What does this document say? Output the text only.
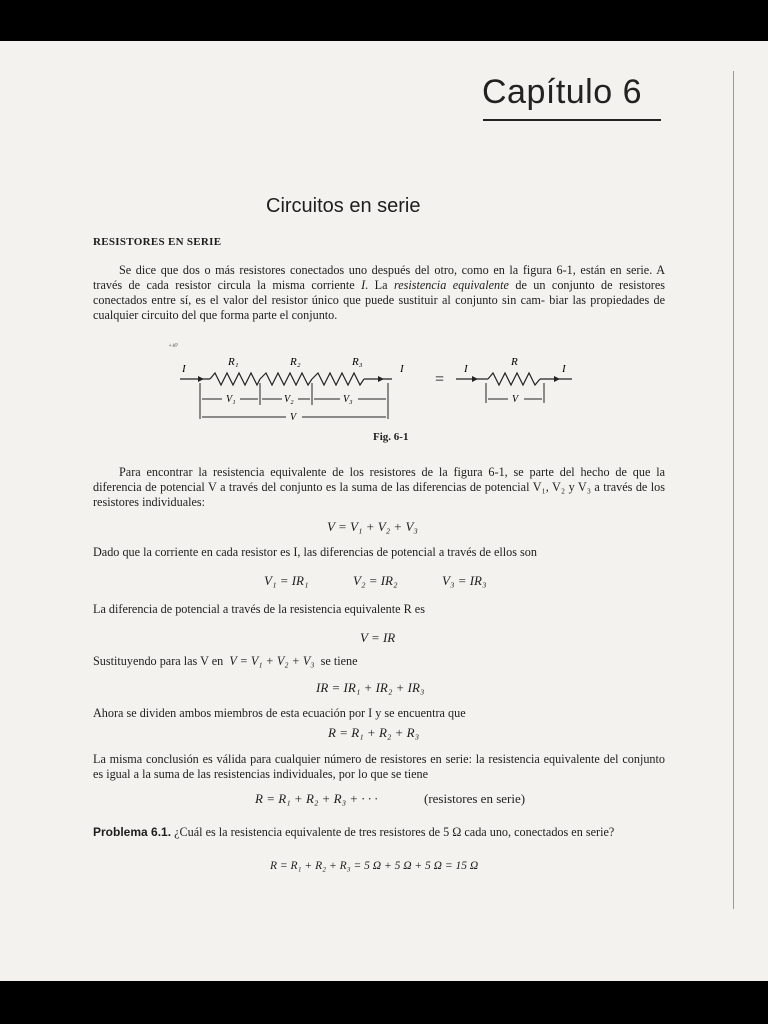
Capítulo 6
Circuitos en serie
RESISTORES EN SERIE
Se dice que dos o más resistores conectados uno después del otro, como en la figura 6-1, están en serie. A través de cada resistor circula la misma corriente I. La resistencia equivalente de un conjunto de resistores conectados entre sí, es el valor del resistor único que puede sustituir al conjunto sin cam- biar las propiedades de cualquier circuito del que forma parte el conjunto.
⁺ᵏ⁰
I
R₁	R₂	R₃
I
V₁	V₂	V₃
V
=
I
R
I
V
Fig. 6-1
Para encontrar la resistencia equivalente de los resistores de la figura 6-1, se parte del hecho de que la diferencia de potencial V a través del conjunto es la suma de las diferencias de potencial V₁, V₂ y V₃ a través de los resistores individuales:
V = V₁ + V₂ + V₃
Dado que la corriente en cada resistor es I, las diferencias de potencial a través de ellos son
V₁ = IR₁	V₂ = IR₂	V₃ = IR₃
La diferencia de potencial a través de la resistencia equivalente R es
V = IR
Sustituyendo para las V en V = V₁ + V₂ + V₃ se tiene
IR = IR₁ + IR₂ + IR₃
Ahora se dividen ambos miembros de esta ecuación por I y se encuentra que
R = R₁ + R₂ + R₃
La misma conclusión es válida para cualquier número de resistores en serie: la resistencia equivalente del conjunto es igual a la suma de las resistencias individuales, por lo que se tiene
R = R₁ + R₂ + R₃ + · · ·	(resistores en serie)
Problema 6.1. ¿Cuál es la resistencia equivalente de tres resistores de 5 Ω cada uno, conectados en serie?
R = R₁ + R₂ + R₃ = 5 Ω + 5 Ω + 5 Ω = 15 Ω
